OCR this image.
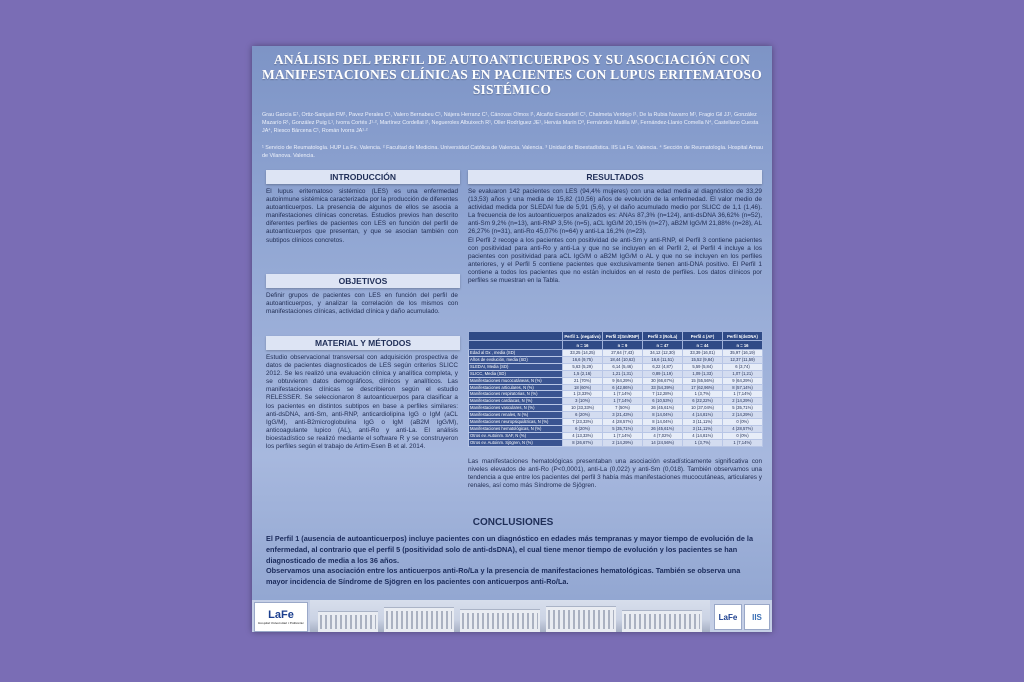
ANÁLISIS DEL PERFIL DE AUTOANTICUERPOS Y SU ASOCIACIÓN CON MANIFESTACIONES CLÍNICAS EN PACIENTES CON LUPUS ERITEMATOSO SISTÉMICO
Grau García E¹, Ortiz-Sanjuán FM¹, Pavez Perales C¹, Valero Bernabeu C¹, Nájera Herranz C¹, Cánovas Olmos I¹, Alcañiz Escandell C¹, Chalmeta Verdejo I¹, De la Rubia Navarro M¹, Fragio Gil JJ¹, González Mazarío R¹, González Puig L¹, Ivorra Cortés J¹·², Martínez Cordellat I¹, Negueroles Albuixech R¹, Oller Rodríguez JE¹, Hervás Marín D³, Fernández Matilla M¹, Fernández-Llanio Comella N⁴, Castellano Cuesta JA⁴, Riesco Bárcena C¹, Román Ivorra JA¹·²
¹ Servicio de Reumatología. HUP La Fe. Valencia. ² Facultad de Medicina. Universidad Católica de Valencia. Valencia. ³ Unidad de Bioestadística. IIS La Fe. Valencia. ⁴ Sección de Reumatología. Hospital Arnau de Vilanova. Valencia.
INTRODUCCIÓN
El lupus eritematoso sistémico (LES) es una enfermedad autoinmune sistémica caracterizada por la producción de diferentes autoanticuerpos. La presencia de algunos de ellos se asocia a manifestaciones clínicas concretas. Estudios previos han descrito diferentes perfiles de pacientes con LES en función del perfil de autoanticuerpos que presentan, y que se asocian también con subtipos clínicos concretos.
OBJETIVOS
Definir grupos de pacientes con LES en función del perfil de autoanticuerpos, y analizar la correlación de los mismos con manifestaciones clínicas, actividad clínica y daño acumulado.
MATERIAL Y MÉTODOS
Estudio observacional transversal con adquisición prospectiva de datos de pacientes diagnosticados de LES según criterios SLICC 2012. Se les realizó una evaluación clínica y analítica completa, y se obtuvieron datos demográficos, clínicos y analíticos. Las manifestaciones clínicas se describieron según el estudio RELESSER. Se seleccionaron 8 autoanticuerpos para clasificar a los pacientes en distintos subtipos en base a perfiles similares: anti-dsDNA, anti-Sm, anti-RNP, anticardiolipina IgG o IgM (aCL IgG/M), anti-B2microglobulina IgG o IgM (aB2M IgG/M), anticoagulante lupico (AL), anti-Ro y anti-La. El análisis bioestadístico se realizó mediante el software R y se construyeron los perfiles según el trabajo de Artim-Esen B et al. 2014.
RESULTADOS
Se evaluaron 142 pacientes con LES (94,4% mujeres) con una edad media al diagnóstico de 33,29 (13,53) años y una media de 15,82 (10,56) años de evolución de la enfermedad. El valor medio de actividad medida por SLEDAI fue de 5,91 (5,6), y el daño acumulado medio por SLICC de 1,1 (1,46). La frecuencia de los autoanticuerpos analizados es: ANAs 87,3% (n=124), anti-dsDNA 36,62% (n=52), anti-Sm 9,2% (n=13), anti-RNP 3,5% (n=5), aCL IgG/M 20,15% (n=27), aB2M IgG/M 21,88% (n=28), AL 26,27% (n=31), anti-Ro 45,07% (n=64) y anti-La 16,2% (n=23).
El Perfil 2 recoge a los pacientes con positividad de anti-Sm y anti-RNP, el Perfil 3 contiene pacientes con positividad para anti-Ro y anti-La y que no se incluyen en el Perfil 2, el Perfil 4 incluye a los pacientes con positividad para aCL IgG/M o aB2M IgG/M o AL y que no se incluyen en los perfiles anteriores, y el Perfil 5 contiene pacientes que exclusivamente tienen anti-DNA positivo. El Perfil 1 contiene a todos los pacientes que no están incluidos en el resto de perfiles. Los datos clínicos por perfiles se muestran en la Tabla.
	Perfil 1. (negativo)	Perfil 2(Sm/RNP)	Perfil 3 (Ro/La)	Perfil 4 (AF)	Perfil 5(dsDNA)
	n = 16	n = 9	n = 47	n = 44	n = 16
Edad al Dx , media (SD)	33,25 (14,25)	27,64 (7,43)	34,12 (12,30)	33,39 (16,01)	35,97 (16,19)
Años de evolución, media (SD)	16,6 (9,75)	18,44 (10,62)	16,6 (11,51)	15,52 (9,84)	12,37 (11,59)
SLEDAI, Media (SD)	5,63 (5,29)	6,14 (5,46)	6,22 (4,87)	5,59 (5,84)	6 (3,74)
SLICC, Media (SD)	1,5 (2,16)	1,21 (1,31)	0,89 (1,19)	1,09 (1,33)	1,07 (1,21)
Manifestaciones mucocutáneas, N (%)	21 (70%)	9 (64,29%)	30 (66,67%)	15 (55,56%)	9 (64,29%)
Manifestaciones articulares, N (%)	18 (60%)	6 (42,86%)	33 (54,39%)	17 (62,96%)	8 (57,14%)
Manifestaciones respiratorias, N (%)	1 (3,33%)	1 (7,14%)	7 (12,28%)	1 (3,7%)	1 (7,14%)
Manifestaciones cardiacas, N (%)	3 (10%)	1 (7,14%)	6 (10,53%)	6 (22,22%)	2 (14,29%)
Manifestaciones vasculares, N (%)	10 (33,33%)	7 (50%)	26 (45,61%)	10 (37,04%)	5 (35,71%)
Manifestaciones renales, N (%)	6 (20%)	3 (21,43%)	8 (14,04%)	4 (14,81%)	2 (14,29%)
Manifestaciones neuropsiquiátricas, N (%)	7 (23,33%)	4 (28,57%)	8 (14,04%)	3 (11,11%)	0 (0%)
Manifestaciones hematológicas, N (%)	6 (20%)	5 (35,71%)	26 (45,61%)	3 (11,11%)	4 (28,57%)
Otros ev. Autoinm. SAF, N (%)	4 (13,33%)	1 (7,14%)	4 (7,02%)	4 (14,81%)	0 (0%)
Otros ev. Autoinm. Sjögren, N (%)	8 (26,67%)	2 (14,29%)	14 (24,56%)	1 (3,7%)	1 (7,14%)
Las manifestaciones hematológicas presentaban una asociación estadísticamente significativa con niveles elevados de anti-Ro (P<0,0001), anti-La (0,022) y anti-Sm (0,018). También observamos una tendencia a que entre los pacientes del perfil 3 había más manifestaciones mucocutáneas, articulares y renales, así como más Síndrome de Sjögren.
CONCLUSIONES
El Perfil 1 (ausencia de autoanticuerpos) incluye pacientes con un diagnóstico en edades más tempranas y mayor tiempo de evolución de la enfermedad, al contrario que el perfil 5 (positividad solo de anti-dsDNA), el cual tiene menor tiempo de evolución y los pacientes se han diagnosticado de media a los 36 años.
Observamos una asociación entre los anticuerpos anti-Ro/La y la presencia de manifestaciones hematológicas. También se observa una mayor incidencia de Síndrome de Sjögren en los pacientes con anticuerpos anti-Ro/La.
LaFe
Hospital Universitari i Politècnic
LaFe	IIS
